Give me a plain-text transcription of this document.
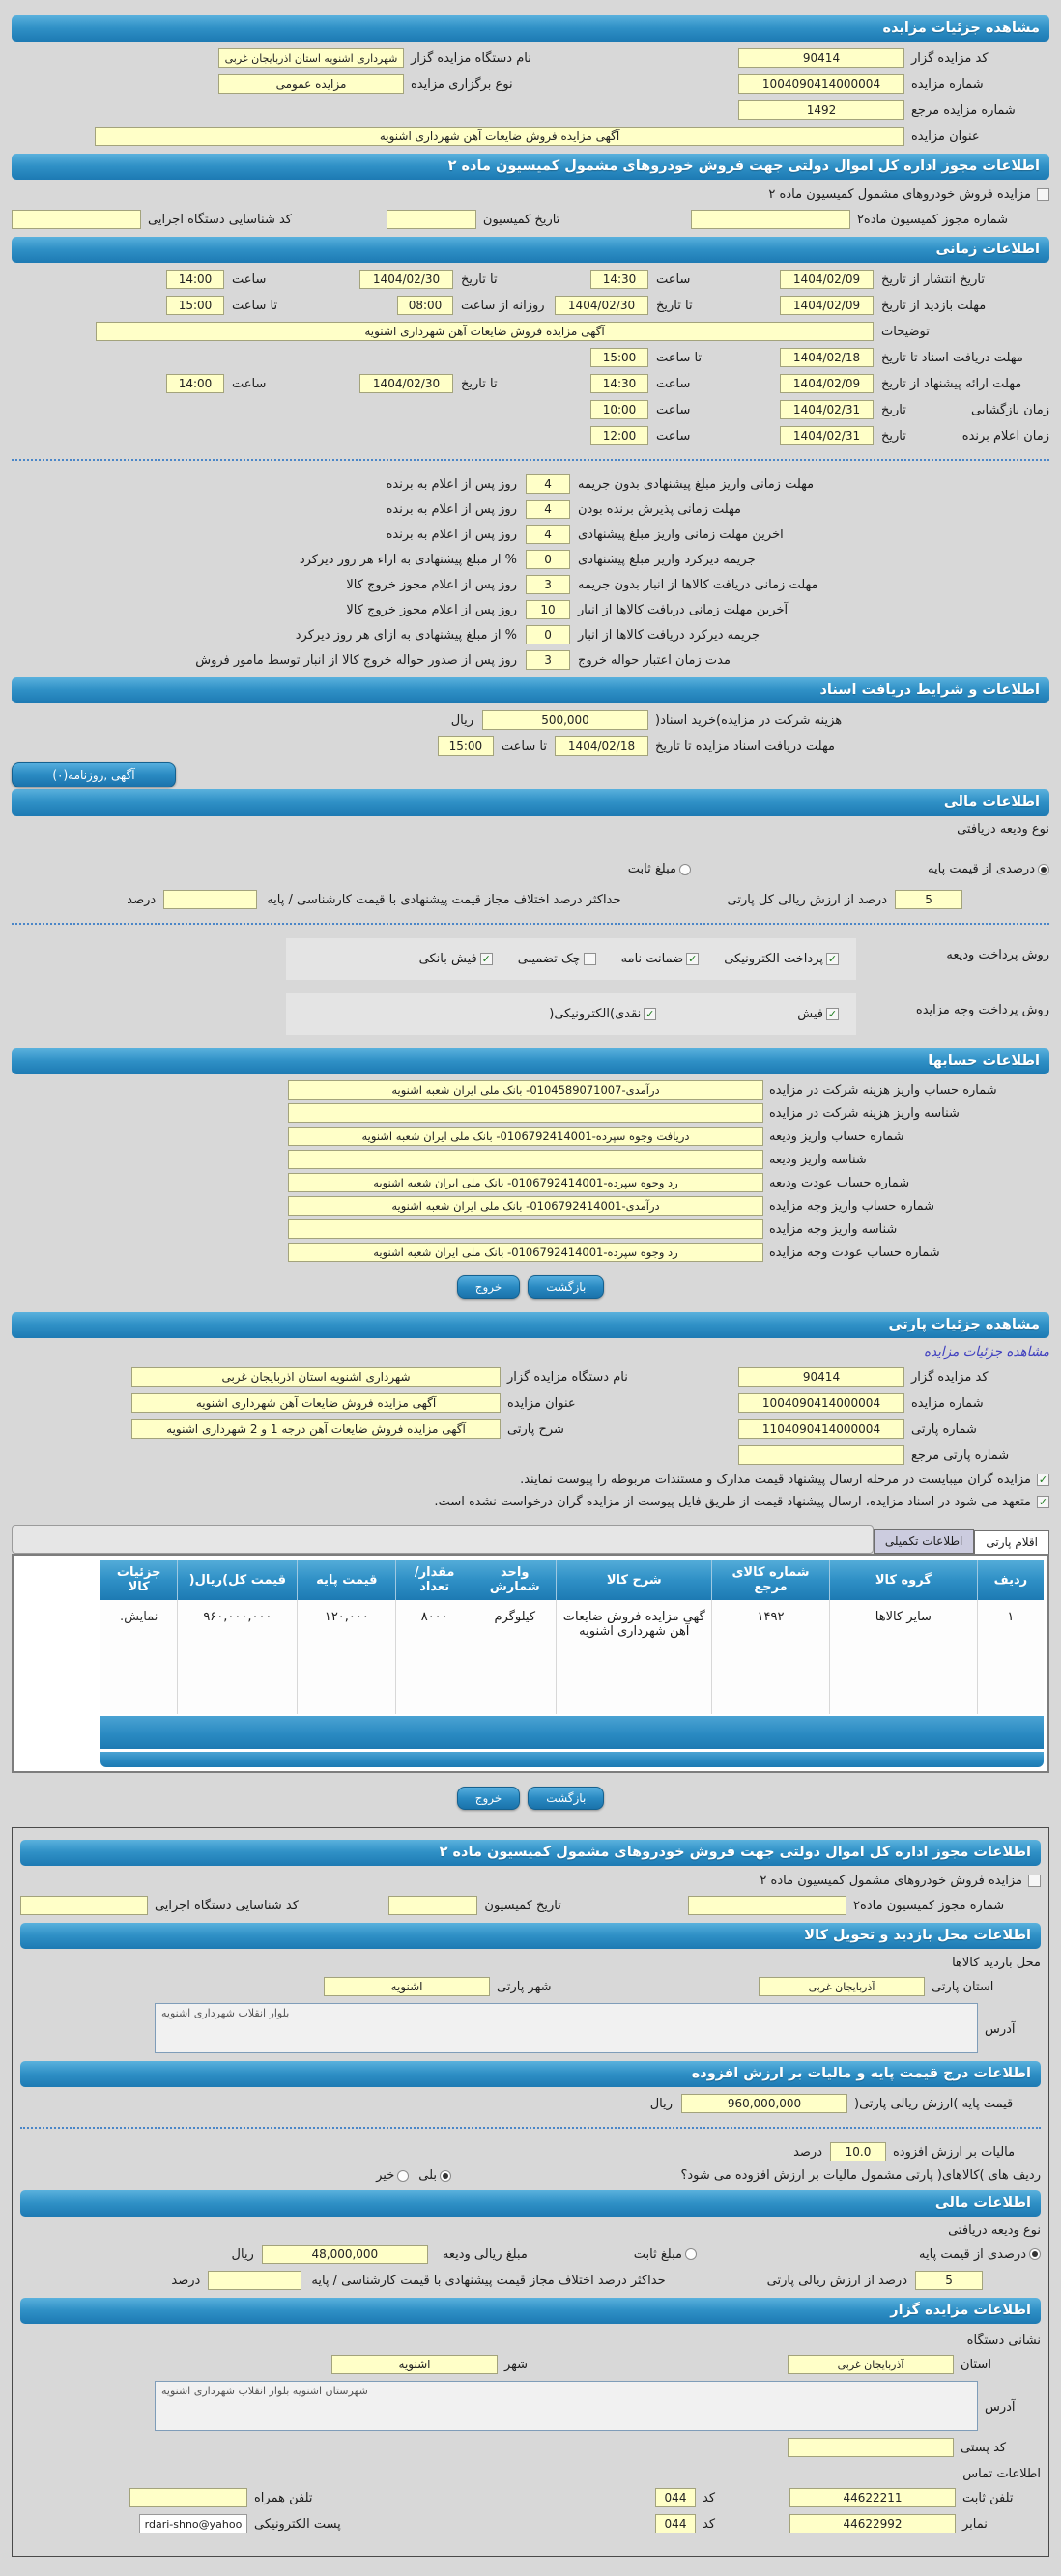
مشاهده جزئیات مزایده
کد مزایده گزار
90414
نام دستگاه مزایده گزار
شهرداری اشنویه استان اذربایجان غربی
شماره مزایده
1004090414000004
نوع برگزاری مزایده
مزایده عمومی
شماره مزایده مرجع
1492
عنوان مزایده
آگهی مزایده فروش ضایعات آهن شهرداری اشنویه
اطلاعات مجوز اداره کل اموال دولتی جهت فروش خودروهای مشمول کمیسیون ماده ۲
مزایده فروش خودروهای مشمول کمیسیون ماده ۲
شماره مجوز کمیسیون ماده۲
تاریخ کمیسیون
کد شناسایی دستگاه اجرایی
اطلاعات زمانی
تاریخ انتشار از تاریخ
1404/02/09
ساعت
14:30
تا تاریخ
1404/02/30
ساعت
14:00
مهلت بازدید از تاریخ
1404/02/09
تا تاریخ
1404/02/30
روزانه از ساعت
08:00
تا ساعت
15:00
توضیحات
آگهی مزایده فروش ضایعات آهن شهرداری اشنویه
مهلت دریافت اسناد تا تاریخ
1404/02/18
تا ساعت
15:00
مهلت ارائه پیشنهاد از تاریخ
1404/02/09
ساعت
14:30
تا تاریخ
1404/02/30
ساعت
14:00
زمان بازگشایی
تاریخ
1404/02/31
ساعت
10:00
زمان اعلام برنده
تاریخ
1404/02/31
ساعت
12:00
مهلت زمانی واریز مبلغ پیشنهادی بدون جریمه
4
روز پس از اعلام به برنده
مهلت زمانی پذیرش برنده بودن
4
روز پس از اعلام به برنده
اخرین مهلت زمانی واریز مبلغ پیشنهادی
4
روز پس از اعلام به برنده
جریمه دیرکرد واریز مبلغ پیشنهادی
0
% از مبلغ پیشنهادی به ازاء هر روز دیرکرد
مهلت زمانی دریافت کالاها از انبار بدون جریمه
3
روز پس از اعلام مجوز خروج کالا
آخرین مهلت زمانی دریافت کالاها از انبار
10
روز پس از اعلام مجوز خروج کالا
جریمه دیرکرد دریافت کالاها از انبار
0
% از مبلغ پیشنهادی به ازای هر روز دیرکرد
مدت زمان اعتبار حواله خروج
3
روز پس از صدور حواله خروج کالا از انبار توسط مامور فروش
اطلاعات و شرایط دریافت اسناد
هزینه شرکت در مزایده)خرید اسناد(
500,000
ریال
مهلت دریافت اسناد مزایده تا تاریخ
1404/02/18
تا ساعت
15:00
آگهی ,روزنامه(۰)
اطلاعات مالی
نوع ودیعه دریافتی
درصدی از قیمت پایه
مبلغ ثابت
5
درصد از ارزش ریالی کل پارتی
حداکثر درصد اختلاف مجاز قیمت پیشنهادی با قیمت کارشناسی / پایه
درصد
روش پرداخت ودیعه
✓
پرداخت الکترونیکی
✓
ضمانت نامه
چک تضمینی
✓
فیش بانکی
روش پرداخت وجه مزایده
✓
فیش
✓
نقدی)الکترونیکی(
اطلاعات حسابها
شماره حساب واریز هزینه شرکت در مزایده
درآمدی-0104589071007- بانک ملی ایران شعبه اشنویه
شناسه واریز هزینه شرکت در مزایده
شماره حساب واریز ودیعه
دریافت وجوه سپرده-0106792414001- بانک ملی ایران شعبه اشنویه
شناسه واریز ودیعه
شماره حساب عودت ودیعه
رد وجوه سپرده-0106792414001- بانک ملی ایران شعبه اشنویه
شماره حساب واریز وجه مزایده
درآمدی-0106792414001- بانک ملی ایران شعبه اشنویه
شناسه واریز وجه مزایده
شماره حساب عودت وجه مزایده
رد وجوه سپرده-0106792414001- بانک ملی ایران شعبه اشنویه
بازگشت
خروج
مشاهده جزئیات پارتی
مشاهده جزئیات مزایده
کد مزایده گزار
90414
نام دستگاه مزایده گزار
شهرداری اشنویه استان اذربایجان غربی
شماره مزایده
1004090414000004
عنوان مزایده
آگهی مزایده فروش ضایعات آهن شهرداری اشنویه
شماره پارتی
1104090414000004
شرح پارتی
آگهی مزایده فروش ضایعات آهن درجه 1 و 2 شهرداری اشنویه
شماره پارتی مرجع
✓
مزایده گران میبایست در مرحله ارسال پیشنهاد قیمت مدارک و مستندات مربوطه را پیوست نمایند.
✓
متعهد می شود در اسناد مزایده، ارسال پیشنهاد قیمت از طریق فایل پیوست از مزایده گران درخواست نشده است.
اقلام پارتی
اطلاعات تکمیلی
ردیف	گروه کالا	شماره کالای مرجع	شرح کالا	واحد شمارش	مقدار/ تعداد	قیمت پایه	قیمت کل)ریال(	جزئیات کالا
۱	سایر کالاها	۱۴۹۲	گهی مزایده فروش ضایعات آهن شهرداری اشنویه	کیلوگرم	۸۰۰۰	۱۲۰,۰۰۰	۹۶۰,۰۰۰,۰۰۰	نمایش.
بازگشت
خروج
اطلاعات مجوز اداره کل اموال دولتی جهت فروش خودروهای مشمول کمیسیون ماده ۲
مزایده فروش خودروهای مشمول کمیسیون ماده ۲
شماره مجوز کمیسیون ماده۲
تاریخ کمیسیون
کد شناسایی دستگاه اجرایی
اطلاعات محل بازدید و تحویل کالا
محل بازدید کالاها
استان پارتی
آذربایجان غربی
شهر پارتی
اشنویه
آدرس
بلوار انقلاب شهرداری اشنویه
اطلاعات درج قیمت پایه و مالیات بر ارزش افزوده
قیمت پایه )ارزش ریالی پارتی(
960,000,000
ریال
مالیات بر ارزش افزوده
10.0
درصد
ردیف های )کالاهای( پارتی مشمول مالیات بر ارزش افزوده می شود؟
بلی
خیر
اطلاعات مالی
نوع ودیعه دریافتی
درصدی از قیمت پایه
مبلغ ثابت
مبلغ ریالی ودیعه
48,000,000
ریال
5
درصد از ارزش ریالی پارتی
حداکثر درصد اختلاف مجاز قیمت پیشنهادی با قیمت کارشناسی / پایه
درصد
اطلاعات مزایده گزار
نشانی دستگاه
استان
آذربایجان غربی
شهر
اشنویه
آدرس
شهرستان اشنویه بلوار انقلاب شهرداری اشنویه
کد پستی
اطلاعات تماس
تلفن ثابت
44622211
کد
044
تلفن همراه
نمابر
44622992
کد
044
پست الکترونیکی
rdari-shno@yahoo
